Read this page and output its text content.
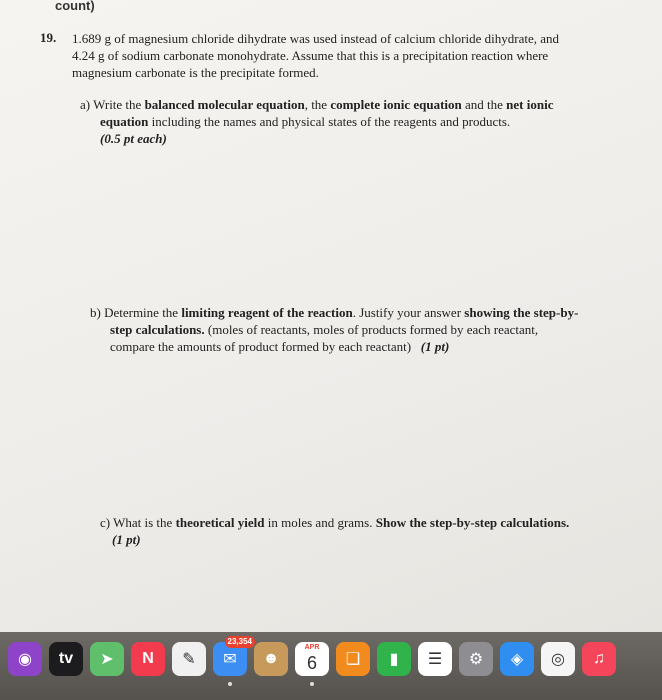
count)
19. 1.689 g of magnesium chloride dihydrate was used instead of calcium chloride dihydrate, and
4.24 g of sodium carbonate monohydrate. Assume that this is a precipitation reaction where
magnesium carbonate is the precipitate formed.
a) Write the balanced molecular equation, the complete ionic equation and the net ionic
equation including the names and physical states of the reagents and products.
(0.5 pt each)
b) Determine the limiting reagent of the reaction. Justify your answer showing the step-by-
step calculations. (moles of reactants, moles of products formed by each reactant,
compare the amounts of product formed by each reactant) (1 pt)
c) What is the theoretical yield in moles and grams. Show the step-by-step calculations.
(1 pt)
◉ tv ➤ N ✎ ✉
23,354
☻
APR
6 ❑ ▮ ☰ ⚙ ◈ ◎ ♫
